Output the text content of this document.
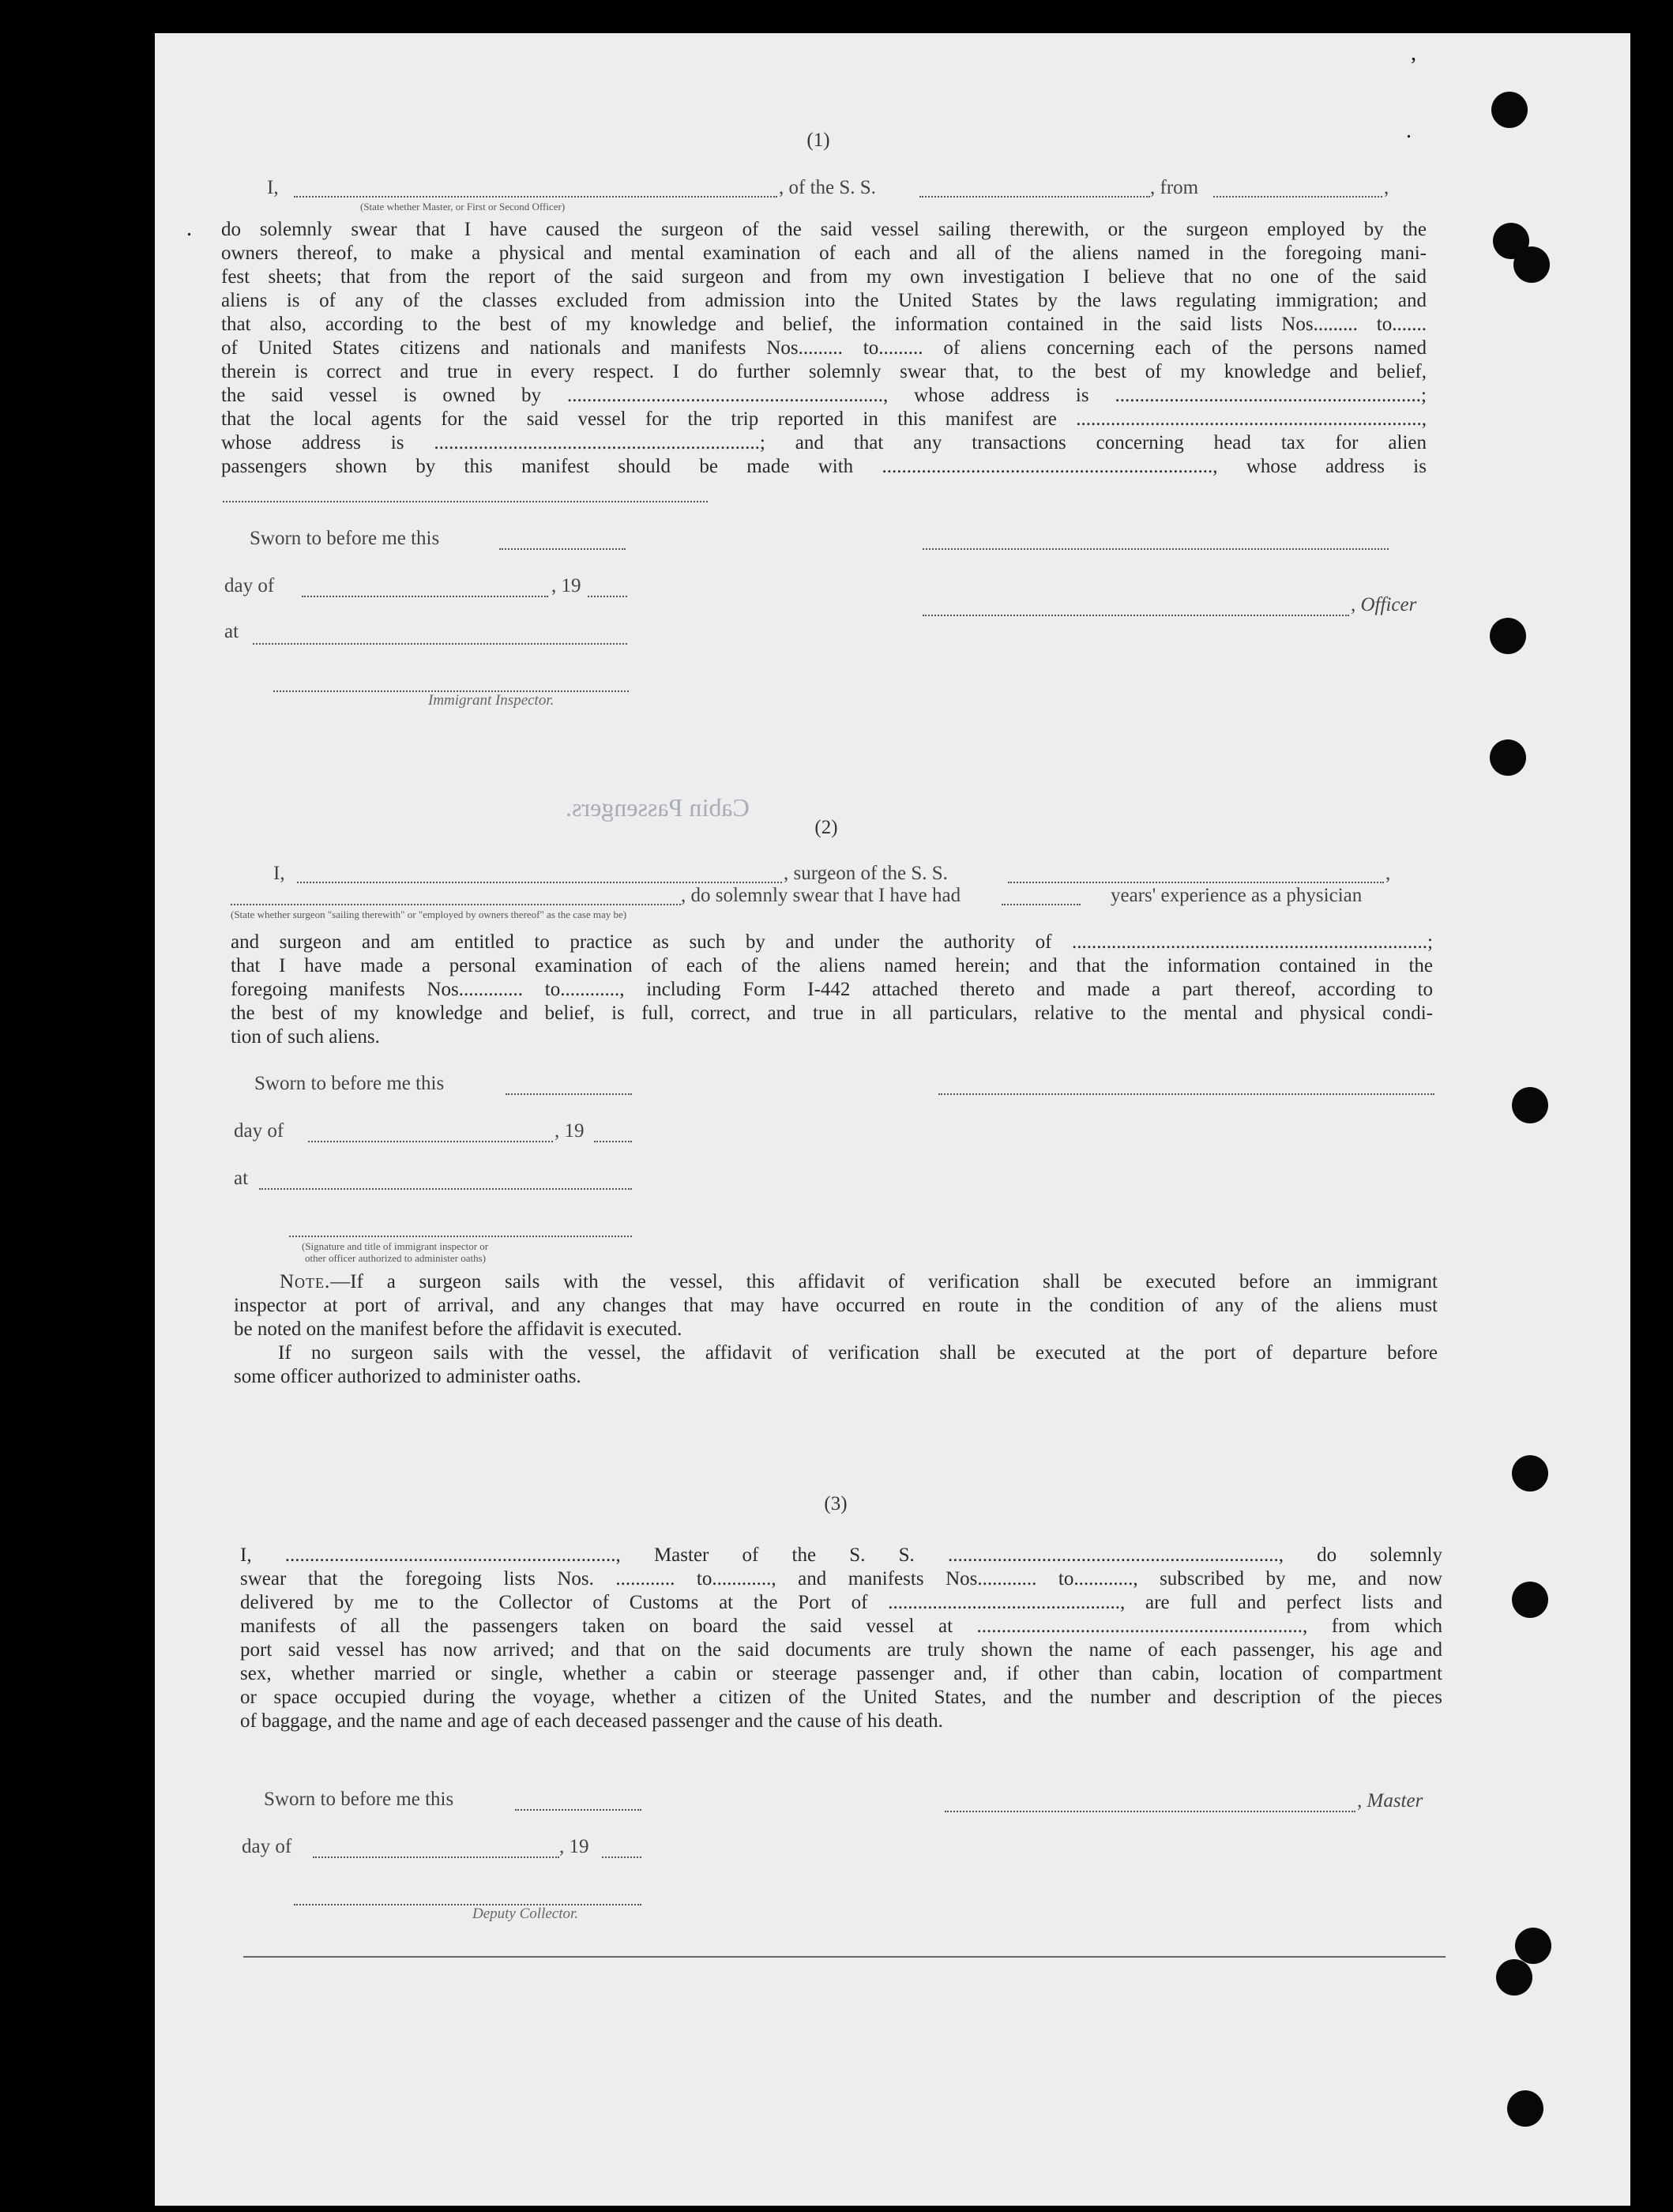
,
.
.
Cabin Passengers.
(1)
I,	, of the S. S.	, from	,
(State whether Master, or First or Second Officer)
do solemnly swear that I have caused the surgeon of the said vessel sailing therewith, or the surgeon employed by the
owners thereof, to make a physical and mental examination of each and all of the aliens named in the foregoing mani-
fest sheets; that from the report of the said surgeon and from my own investigation I believe that no one of the said
aliens is of any of the classes excluded from admission into the United States by the laws regulating immigration; and
that also, according to the best of my knowledge and belief, the information contained in the said lists Nos......... to.......
of United States citizens and nationals and manifests Nos......... to......... of aliens concerning each of the persons named
therein is correct and true in every respect. I do further solemnly swear that, to the best of my knowledge and belief,
the said vessel is owned by ................................................................, whose address is ..............................................................;
that the local agents for the said vessel for the trip reported in this manifest are ......................................................................,
whose address is ..................................................................; and that any transactions concerning head tax for alien
passengers shown by this manifest should be made with ..................................................................., whose address is
Sworn to before me this
day of	, 19
, Officer
at
Immigrant Inspector.
(2)
I,	, surgeon of the S. S.	,
, do solemnly swear that I have had	years' experience as a physician
(State whether surgeon "sailing therewith" or "employed by owners thereof" as the case may be)
and surgeon and am entitled to practice as such by and under the authority of ........................................................................;
that I have made a personal examination of each of the aliens named herein; and that the information contained in the
foregoing manifests Nos............. to............, including Form I-442 attached thereto and made a part thereof, according to
the best of my knowledge and belief, is full, correct, and true in all particulars, relative to the mental and physical condi-
tion of such aliens.
Sworn to before me this
day of	, 19
at
(Signature and title of immigrant inspector or
other officer authorized to administer oaths)
Note.—If a surgeon sails with the vessel, this affidavit of verification shall be executed before an immigrant
inspector at port of arrival, and any changes that may have occurred en route in the condition of any of the aliens must
be noted on the manifest before the affidavit is executed.
If no surgeon sails with the vessel, the affidavit of verification shall be executed at the port of departure before
some officer authorized to administer oaths.
(3)
I, ..................................................................., Master of the S. S. ..................................................................., do solemnly
swear that the foregoing lists Nos. ............ to............, and manifests Nos............ to............, subscribed by me, and now
delivered by me to the Collector of Customs at the Port of ..............................................., are full and perfect lists and
manifests of all the passengers taken on board the said vessel at .................................................................., from which
port said vessel has now arrived; and that on the said documents are truly shown the name of each passenger, his age and
sex, whether married or single, whether a cabin or steerage passenger and, if other than cabin, location of compartment
or space occupied during the voyage, whether a citizen of the United States, and the number and description of the pieces
of baggage, and the name and age of each deceased passenger and the cause of his death.
Sworn to before me this	, Master
day of	, 19
Deputy Collector.
